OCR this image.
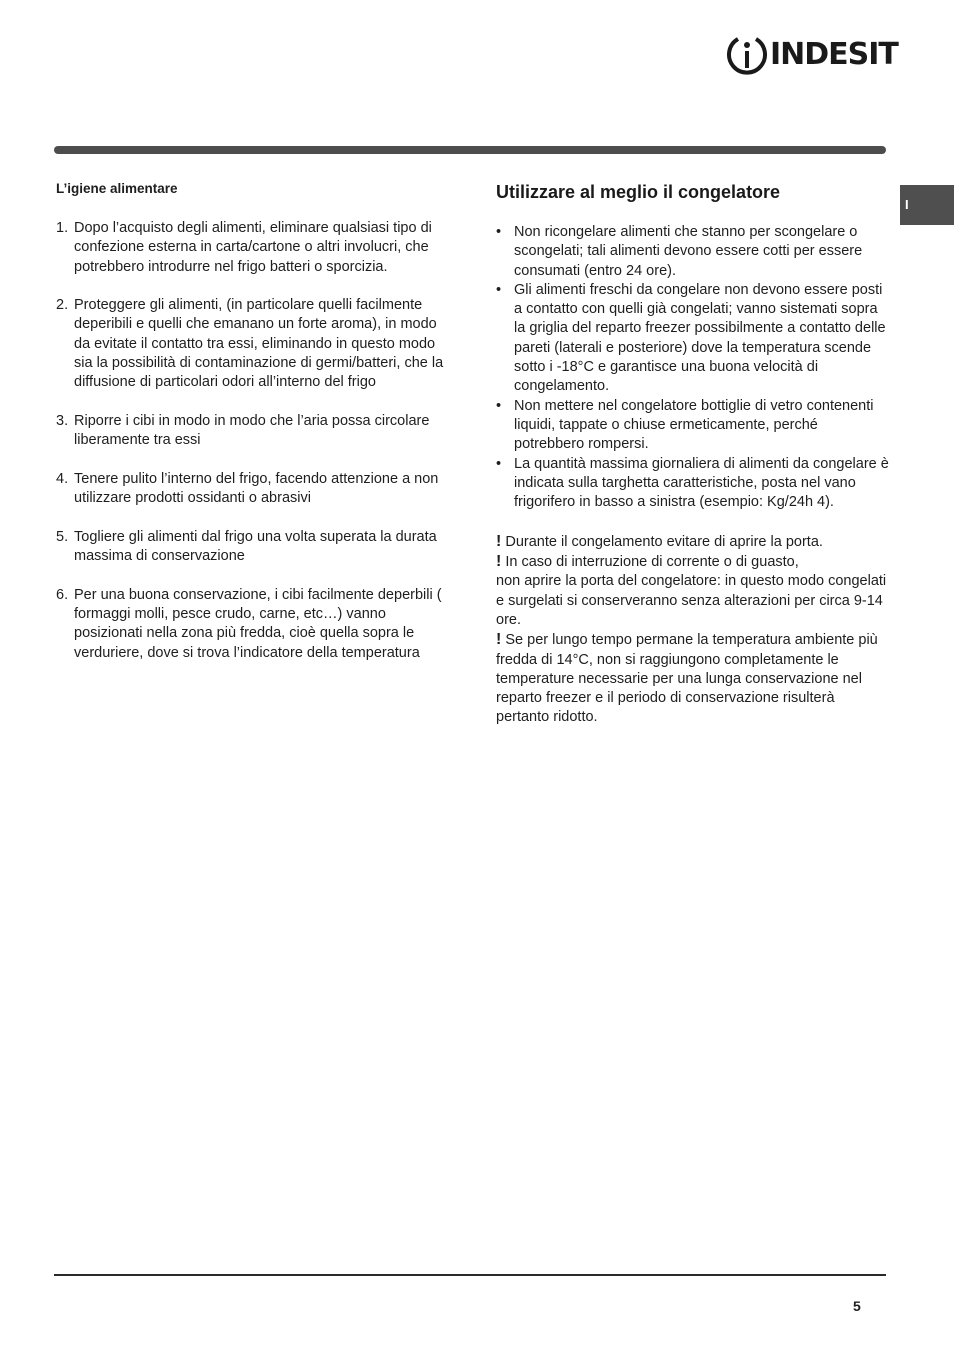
INDESIT
I
L’igiene alimentare
1. Dopo l’acquisto degli alimenti, eliminare qualsiasi tipo di confezione esterna in carta/cartone o altri involucri, che potrebbero introdurre nel frigo batteri o sporcizia.
2. Proteggere gli alimenti, (in particolare quelli facilmente deperibili e quelli che emanano un forte aroma), in modo da evitate il contatto tra essi, eliminando in questo modo sia la possibilità di contaminazione di germi/batteri, che la diffusione di particolari odori all’interno del frigo
3. Riporre i cibi in modo in modo che l’aria possa circolare liberamente tra essi
4. Tenere pulito l’interno del frigo, facendo attenzione a non utilizzare prodotti ossidanti o abrasivi
5. Togliere gli alimenti dal frigo una volta superata la durata massima di conservazione
6. Per una buona conservazione, i cibi facilmente deperbili ( formaggi molli, pesce crudo, carne, etc…) vanno posizionati nella zona più fredda, cioè quella sopra le verduriere, dove si trova l’indicatore della temperatura
Utilizzare al meglio il congelatore
• Non ricongelare alimenti che stanno per scongelare o scongelati; tali alimenti devono essere cotti per essere consumati (entro 24 ore).
• Gli alimenti freschi da congelare non devono essere posti a contatto con quelli già congelati; vanno sistemati sopra la griglia del reparto freezer possibilmente a contatto delle pareti (laterali e posteriore) dove la temperatura scende sotto i -18°C e garantisce una buona velocità di congelamento.
• Non mettere nel congelatore bottiglie di vetro contenenti liquidi, tappate o chiuse ermeticamente, perché potrebbero rompersi.
• La quantità massima giornaliera di alimenti da congelare è indicata sulla targhetta caratteristiche, posta nel vano frigorifero in basso a sinistra (esempio: Kg/24h 4).

! Durante il congelamento evitare di aprire la porta.

! In caso di interruzione di corrente o di guasto,

non aprire la porta del congelatore: in questo modo congelati e surgelati si conserveranno senza alterazioni per circa 9-14 ore.

! Se per lungo tempo permane la temperatura ambiente più fredda di 14°C, non si raggiungono completamente le temperature necessarie per una lunga conservazione nel reparto freezer e il periodo di conservazione risulterà pertanto ridotto.

5
